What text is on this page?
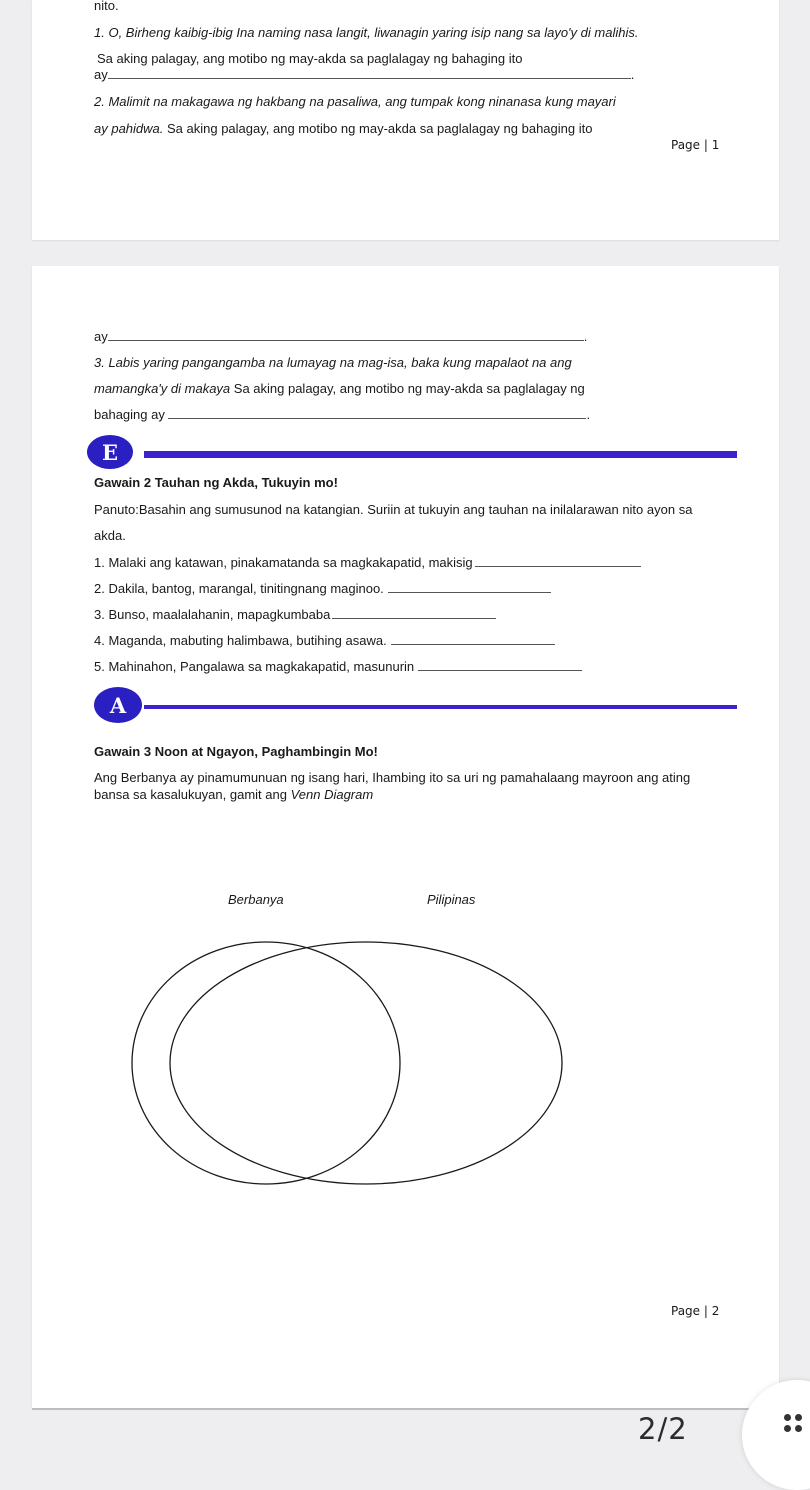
nito.
1. O, Birheng kaibig-ibig Ina naming nasa langit, liwanagin yaring isip nang sa layo'y di malihis.
Sa aking palagay, ang motibo ng may-akda sa paglalagay ng bahaging ito
ay	.
2. Malimit na makagawa ng hakbang na pasaliwa, ang tumpak kong ninanasa kung mayari
ay pahidwa. Sa aking palagay, ang motibo ng may-akda sa paglalagay ng bahaging ito
Page | 1
ay	.
3. Labis yaring pangangamba na lumayag na mag-isa, baka kung mapalaot na ang
mamangka'y di makaya Sa aking palagay, ang motibo ng may-akda sa paglalagay ng
bahaging ay	.
E
Gawain 2 Tauhan ng Akda, Tukuyin mo!
Panuto:Basahin ang sumusunod na katangian. Suriin at tukuyin ang tauhan na inilalarawan nito ayon sa
akda.
1. Malaki ang katawan, pinakamatanda sa magkakapatid, makisig
2. Dakila, bantog, marangal, tinitingnang maginoo.
3. Bunso, maalalahanin, mapagkumbaba
4. Maganda, mabuting halimbawa, butihing asawa.
5. Mahinahon, Pangalawa sa magkakapatid, masunurin
A
Gawain 3 Noon at Ngayon, Paghambingin Mo!
Ang Berbanya ay pinamumunuan ng isang hari, Ihambing ito sa uri ng pamahalaang mayroon ang ating
bansa sa kasalukuyan, gamit ang Venn Diagram
Berbanya	Pilipinas
Page | 2
2/2
